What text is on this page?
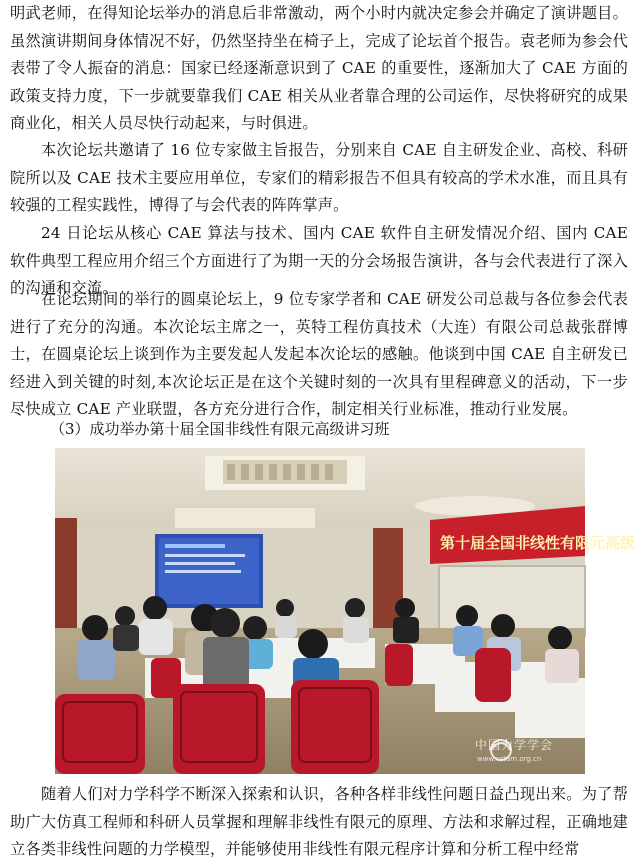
明武老师，在得知论坛举办的消息后非常激动，两个小时内就决定参会并确定了演讲题目。虽然演讲期间身体情况不好，仍然坚持坐在椅子上，完成了论坛首个报告。袁老师为参会代表带了令人振奋的消息：国家已经逐渐意识到了 CAE 的重要性，逐渐加大了 CAE 方面的政策支持力度，下一步就要靠我们 CAE 相关从业者靠合理的公司运作，尽快将研究的成果商业化，相关人员尽快行动起来，与时俱进。

本次论坛共邀请了 16 位专家做主旨报告，分别来自 CAE 自主研发企业、高校、科研院所以及 CAE 技术主要应用单位，专家们的精彩报告不但具有较高的学术水准，而且具有较强的工程实践性，博得了与会代表的阵阵掌声。

24 日论坛从核心 CAE 算法与技术、国内 CAE 软件自主研发情况介绍、国内 CAE 软件典型工程应用介绍三个方面进行了为期一天的分会场报告演讲，各与会代表进行了深入的沟通和交流。

在论坛期间的举行的圆桌论坛上，9 位专家学者和 CAE 研发公司总裁与各位参会代表进行了充分的沟通。本次论坛主席之一，英特工程仿真技术（大连）有限公司总裁张群博士，在圆桌论坛上谈到作为主要发起人发起本次论坛的感触。他谈到中国 CAE 自主研发已经进入到关键的时刻,本次论坛正是在这个关键时刻的一次具有里程碑意义的活动，下一步尽快成立 CAE 产业联盟，各方充分进行合作，制定相关行业标准，推动行业发展。

（3）成功举办第十届全国非线性有限元高级讲习班
第十届全国非线性有限元高级
中国力学学会
www.cstam.org.cn

随着人们对力学科学不断深入探索和认识，各种各样非线性问题日益凸现出来。为了帮助广大仿真工程师和科研人员掌握和理解非线性有限元的原理、方法和求解过程，正确地建立各类非线性问题的力学模型，并能够使用非线性有限元程序计算和分析工程中经常
